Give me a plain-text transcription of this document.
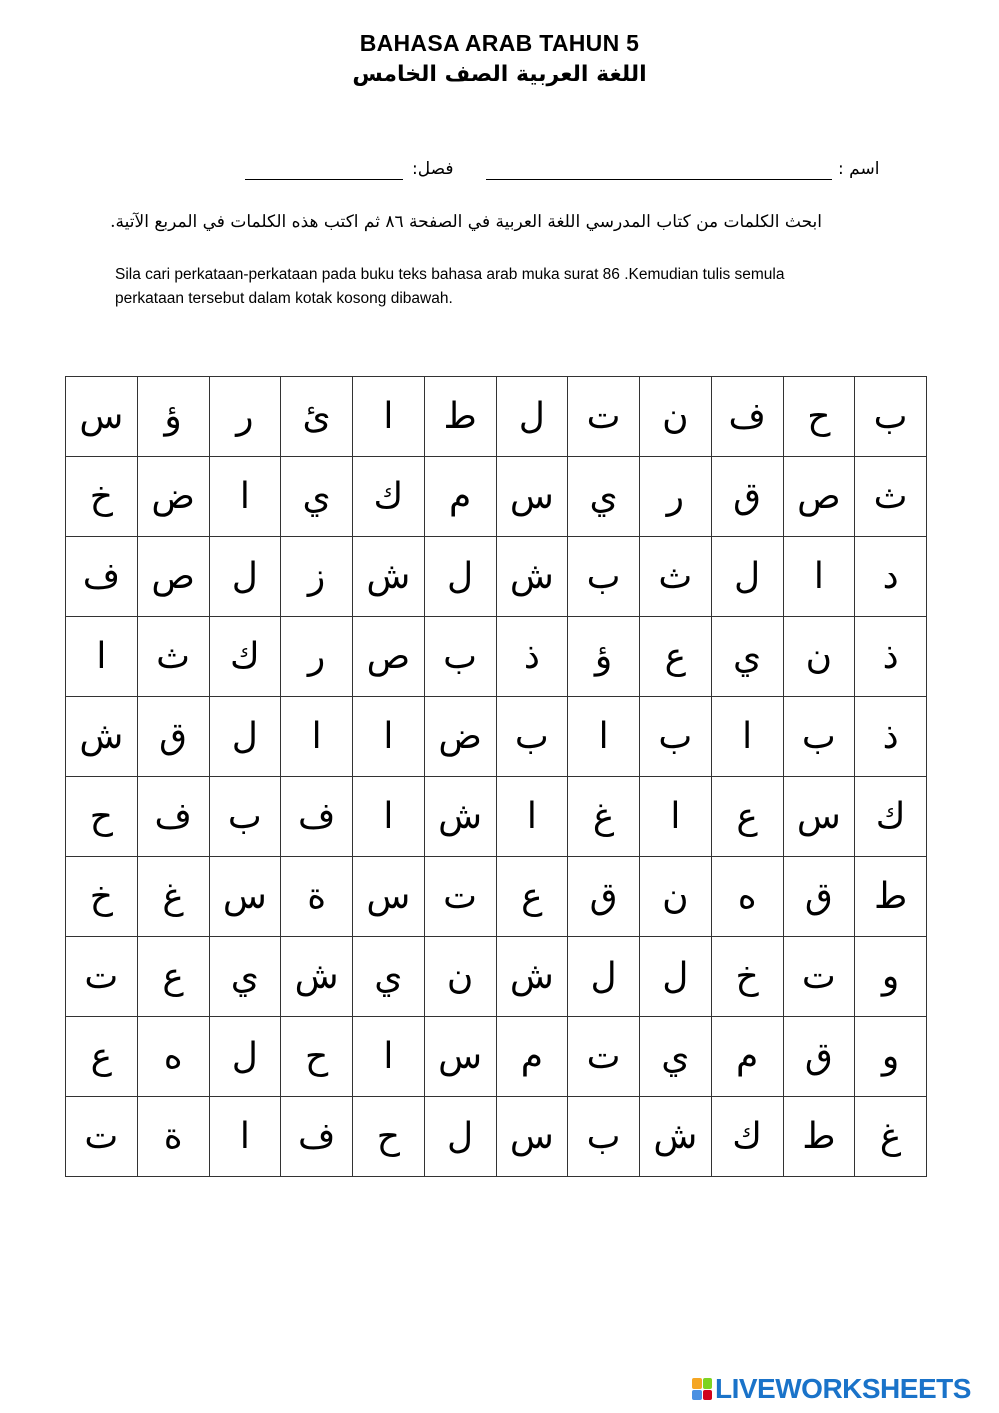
BAHASA ARAB TAHUN 5
اللغة العربية الصف الخامس
اسم :
فصل:
ابحث الكلمات من كتاب المدرسي اللغة العربية في الصفحة ٨٦ ثم اكتب هذه الكلمات في المربع الآتية.
Sila cari perkataan-perkataan pada buku teks bahasa arab muka surat 86 .Kemudian tulis semula
perkataan tersebut dalam kotak kosong dibawah.
س	ؤ	ر	ئ	ا	ط	ل	ت	ن	ف	ح	ب
خ	ض	ا	ي	ك	م	س	ي	ر	ق	ص	ث
ف	ص	ل	ز	ش	ل	ش	ب	ث	ل	ا	د
ا	ث	ك	ر	ص	ب	ذ	ؤ	ع	ي	ن	ذ
ش	ق	ل	ا	ا	ض	ب	ا	ب	ا	ب	ذ
ح	ف	ب	ف	ا	ش	ا	غ	ا	ع	س	ك
خ	غ	س	ة	س	ت	ع	ق	ن	ه	ق	ط
ت	ع	ي	ش	ي	ن	ش	ل	ل	خ	ت	و
ع	ه	ل	ح	ا	س	م	ت	ي	م	ق	و
ت	ة	ا	ف	ح	ل	س	ب	ش	ك	ط	غ
LIVEWORKSHEETS
